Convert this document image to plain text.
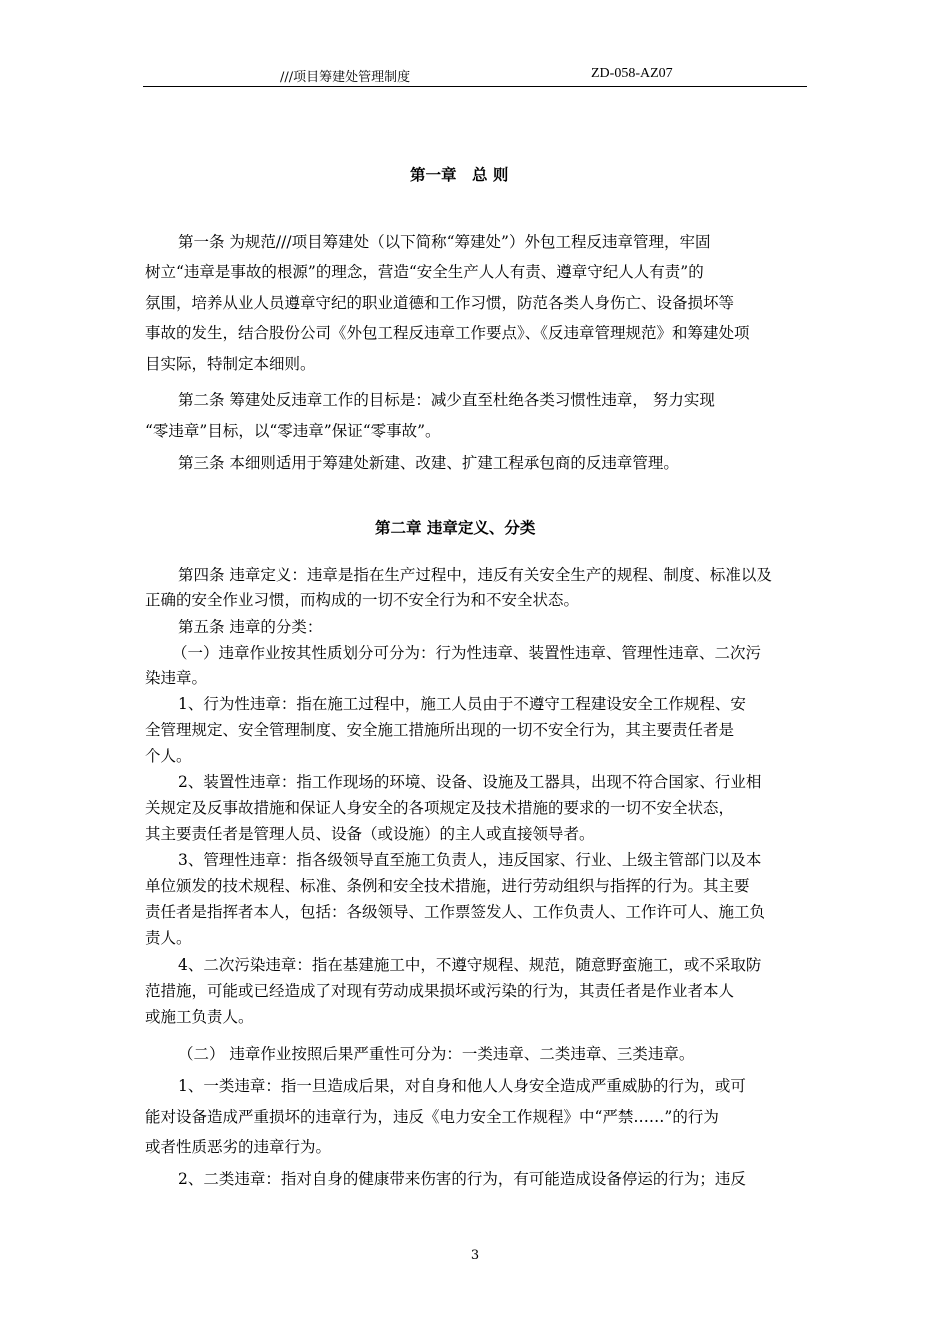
///项目筹建处管理制度	ZD-058-AZ07
第一章　总 则
第一条 为规范///项目筹建处（以下简称“筹建处”）外包工程反违章管理，牢固
树立“违章是事故的根源”的理念，营造“安全生产人人有责、遵章守纪人人有责”的
氛围，培养从业人员遵章守纪的职业道德和工作习惯，防范各类人身伤亡、设备损坏等
事故的发生，结合股份公司《外包工程反违章工作要点》、《反违章管理规范》和筹建处项
目实际，特制定本细则。
第二条 筹建处反违章工作的目标是：减少直至杜绝各类习惯性违章， 努力实现
“零违章”目标，以“零违章”保证“零事故”。
第三条 本细则适用于筹建处新建、改建、扩建工程承包商的反违章管理。
第二章 违章定义、分类
第四条 违章定义：违章是指在生产过程中，违反有关安全生产的规程、制度、标准以及
正确的安全作业习惯，而构成的一切不安全行为和不安全状态。
第五条 违章的分类：
（一）违章作业按其性质划分可分为：行为性违章、装置性违章、管理性违章、二次污
染违章。
1、行为性违章：指在施工过程中，施工人员由于不遵守工程建设安全工作规程、安
全管理规定、安全管理制度、安全施工措施所出现的一切不安全行为，其主要责任者是
个人。
2、装置性违章：指工作现场的环境、设备、设施及工器具，出现不符合国家、行业相
关规定及反事故措施和保证人身安全的各项规定及技术措施的要求的一切不安全状态，
其主要责任者是管理人员、设备（或设施）的主人或直接领导者。
3、管理性违章：指各级领导直至施工负责人，违反国家、行业、上级主管部门以及本
单位颁发的技术规程、标准、条例和安全技术措施，进行劳动组织与指挥的行为。其主要
责任者是指挥者本人，包括：各级领导、工作票签发人、工作负责人、工作许可人、施工负
责人。
4、二次污染违章：指在基建施工中，不遵守规程、规范，随意野蛮施工，或不采取防
范措施，可能或已经造成了对现有劳动成果损坏或污染的行为，其责任者是作业者本人
或施工负责人。
（二） 违章作业按照后果严重性可分为：一类违章、二类违章、三类违章。
1、一类违章：指一旦造成后果，对自身和他人人身安全造成严重威胁的行为，或可
能对设备造成严重损坏的违章行为，违反《电力安全工作规程》中“严禁……”的行为
或者性质恶劣的违章行为。
2、二类违章：指对自身的健康带来伤害的行为，有可能造成设备停运的行为；违反
3
